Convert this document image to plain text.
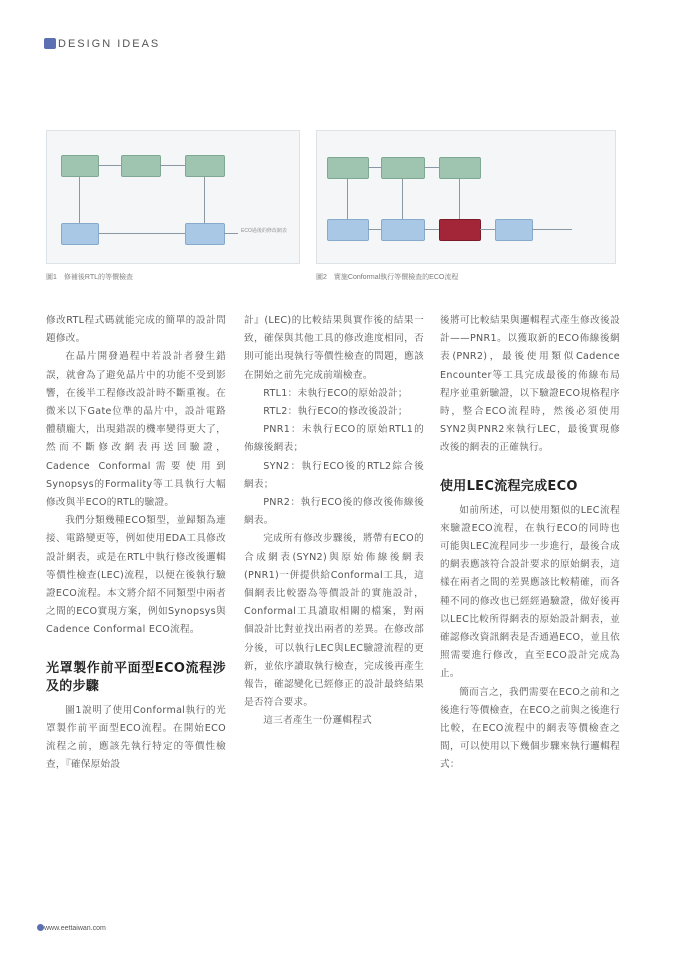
DESIGN IDEAS
ECO過後的修改網表
圖1　修補後RTL的等價檢查	圖2　實施Conformal執行等價檢查的ECO流程

修改RTL程式碼就能完成的簡單的設計問題修改。

在晶片開發過程中若設計者發生錯誤，就會為了避免晶片中的功能不受到影響，在後半工程修改設計時不斷重複。在微米以下Gate位準的晶片中，設計電路體積龐大，出現錯誤的機率變得更大了，然而不斷修改網表再送回驗證，Cadence Conformal需要使用到Synopsys的Formality等工具執行大幅修改與半ECO的RTL的驗證。

我們分類幾種ECO類型，並歸類為連接、電路變更等，例如使用EDA工具修改設計網表，或是在RTL中執行修改後邏輯等價性檢查(LEC)流程，以便在後執行驗證ECO流程。本文將介紹不同類型中兩者之間的ECO實現方案，例如Synopsys與Cadence Conformal ECO流程。

光罩製作前平面型ECO流程涉及的步驟

圖1說明了使用Conformal執行的光罩製作前平面型ECO流程。在開始ECO流程之前，應該先執行特定的等價性檢查，『確保原始設

計』(LEC)的比較結果與實作後的結果一致，確保與其他工具的修改進度相同，否則可能出現執行等價性檢查的問題，應該在開始之前先完成前端檢查。

RTL1：未執行ECO的原始設計；

RTL2：執行ECO的修改後設計；

PNR1：未執行ECO的原始RTL1的佈線後網表；

SYN2：執行ECO後的RTL2綜合後網表；

PNR2：執行ECO後的修改後佈線後網表。

完成所有修改步驟後，將帶有ECO的合成網表(SYN2)與原始佈線後網表(PNR1)一併提供給Conformal工具，這個網表比較器為等價設計的實施設計，Conformal工具讀取相關的檔案，對兩個設計比對並找出兩者的差異。在修改部分後，可以執行LEC與LEC驗證流程的更新，並依序讀取執行檢查，完成後再產生報告，確認變化已經修正的設計最終結果是否符合要求。

這三者產生一份邏輯程式

後將可比較結果與邏輯程式產生修改後設計——PNR1。以獲取新的ECO佈線後網表(PNR2)，最後使用類似Cadence Encounter等工具完成最後的佈線布局程序並重新驗證，以下驗證ECO規格程序時，整合ECO流程時，然後必須使用SYN2與PNR2來執行LEC，最後實現修改後的網表的正確執行。

使用LEC流程完成ECO

如前所述，可以使用類似的LEC流程來驗證ECO流程，在執行ECO的同時也可能與LEC流程同步一步進行，最後合成的網表應該符合設計要求的原始網表，這樣在兩者之間的差異應該比較精確，而各種不同的修改也已經經過驗證，做好後再以LEC比較所得網表的原始設計網表，並確認修改資訊網表是否通過ECO，並且依照需要進行修改，直至ECO設計完成為止。

簡而言之，我們需要在ECO之前和之後進行等價檢查，在ECO之前與之後進行比較，在ECO流程中的網表等價檢查之間，可以使用以下幾個步驟來執行邏輯程式：

www.eettaiwan.com
